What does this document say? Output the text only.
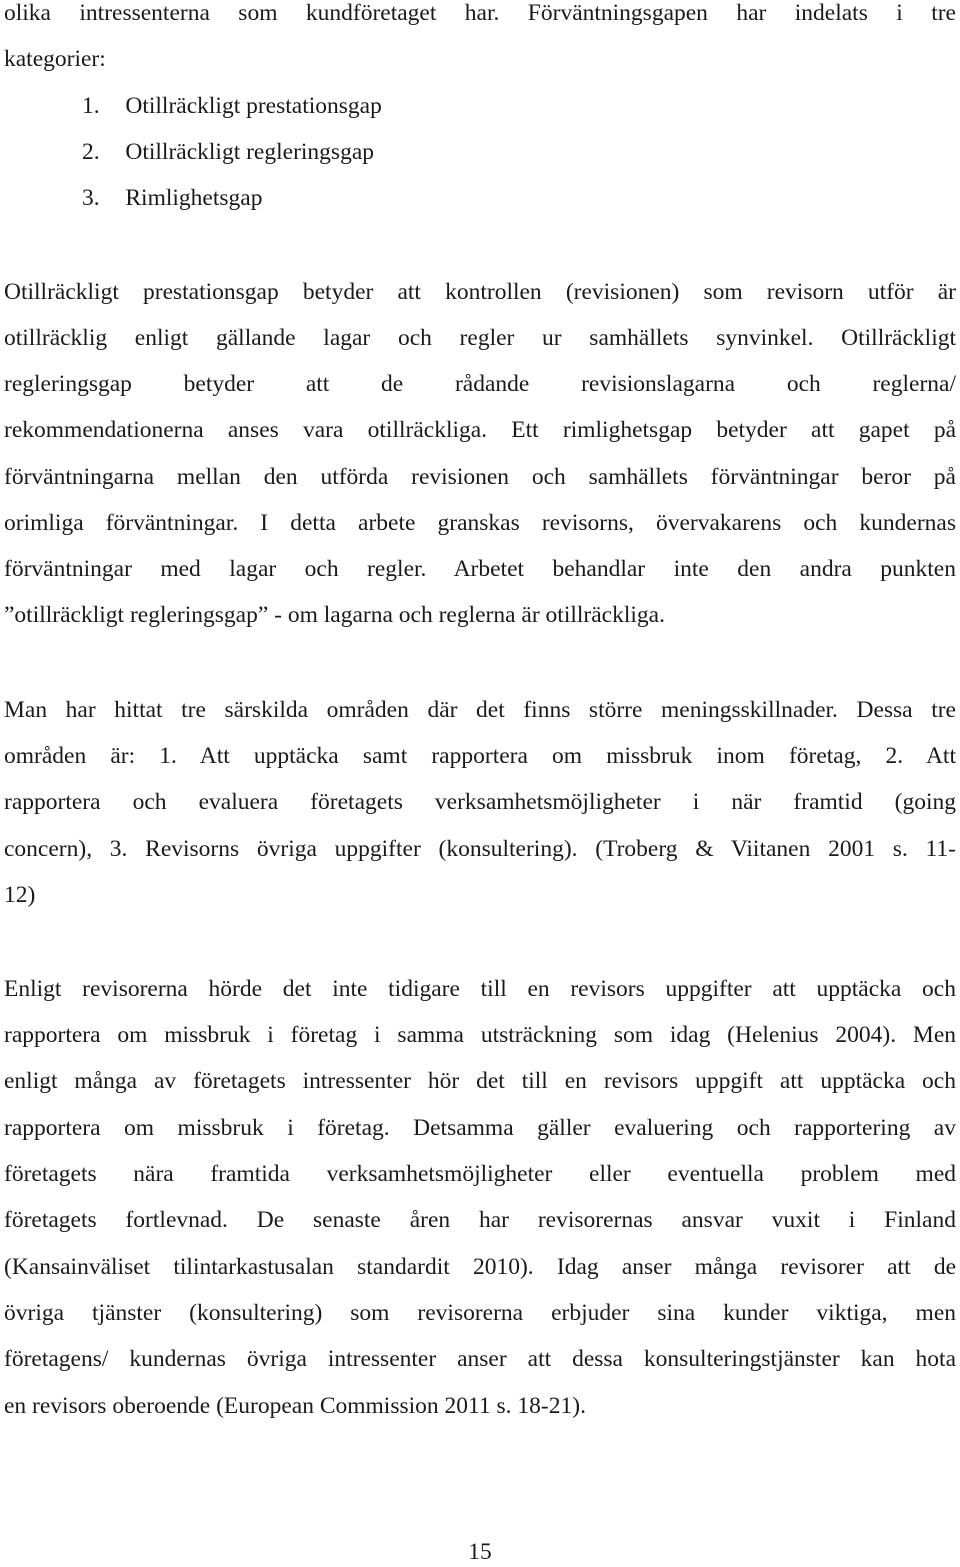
olika intressenterna som kundföretaget har. Förväntningsgapen har indelats i tre
kategorier:
1. Otillräckligt prestationsgap
2. Otillräckligt regleringsgap
3. Rimlighetsgap
Otillräckligt prestationsgap betyder att kontrollen (revisionen) som revisorn utför är
otillräcklig enligt gällande lagar och regler ur samhällets synvinkel. Otillräckligt
regleringsgap betyder att de rådande revisionslagarna och reglerna/
rekommendationerna anses vara otillräckliga. Ett rimlighetsgap betyder att gapet på
förväntningarna mellan den utförda revisionen och samhällets förväntningar beror på
orimliga förväntningar. I detta arbete granskas revisorns, övervakarens och kundernas
förväntningar med lagar och regler. Arbetet behandlar inte den andra punkten
”otillräckligt regleringsgap” - om lagarna och reglerna är otillräckliga.
Man har hittat tre särskilda områden där det finns större meningsskillnader. Dessa tre
områden är: 1. Att upptäcka samt rapportera om missbruk inom företag, 2. Att
rapportera och evaluera företagets verksamhetsmöjligheter i när framtid (going
concern), 3. Revisorns övriga uppgifter (konsultering). (Troberg & Viitanen 2001 s. 11-
12)
Enligt revisorerna hörde det inte tidigare till en revisors uppgifter att upptäcka och
rapportera om missbruk i företag i samma utsträckning som idag (Helenius 2004). Men
enligt många av företagets intressenter hör det till en revisors uppgift att upptäcka och
rapportera om missbruk i företag. Detsamma gäller evaluering och rapportering av
företagets nära framtida verksamhetsmöjligheter eller eventuella problem med
företagets fortlevnad. De senaste åren har revisorernas ansvar vuxit i Finland
(Kansainväliset tilintarkastusalan standardit 2010). Idag anser många revisorer att de
övriga tjänster (konsultering) som revisorerna erbjuder sina kunder viktiga, men
företagens/ kundernas övriga intressenter anser att dessa konsulteringstjänster kan hota
en revisors oberoende (European Commission 2011 s. 18-21).
15
